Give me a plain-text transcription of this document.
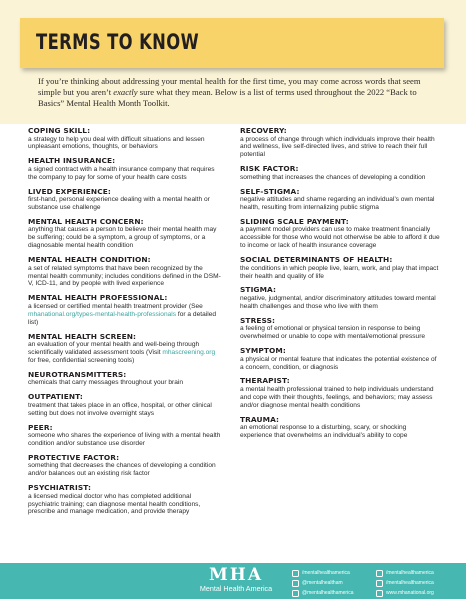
TERMS TO KNOW

If you’re thinking about addressing your mental health for the first time, you may come across words that seem simple but you aren’t exactly sure what they mean. Below is a list of terms used throughout the 2022 “Back to Basics” Mental Health Month Toolkit.

COPING SKILL:
a strategy to help you deal with difficult situations and lessen unpleasant emotions, thoughts, or behaviors
HEALTH INSURANCE:
a signed contract with a health insurance company that requires the company to pay for some of your health care costs
LIVED EXPERIENCE:
first-hand, personal experience dealing with a mental health or substance use challenge
MENTAL HEALTH CONCERN:
anything that causes a person to believe their mental health may be suffering; could be a symptom, a group of symptoms, or a diagnosable mental health condition
MENTAL HEALTH CONDITION:
a set of related symptoms that have been recognized by the mental health community; includes conditions defined in the DSM-V, ICD-11, and by people with lived experience
MENTAL HEALTH PROFESSIONAL:
a licensed or certified mental health treatment provider (See mhanational.org/types-mental-health-professionals for a detailed list)
MENTAL HEALTH SCREEN:
an evaluation of your mental health and well-being through scientifically validated assessment tools (Visit mhascreening.org for free, confidential screening tools)
NEUROTRANSMITTERS:
chemicals that carry messages throughout your brain
OUTPATIENT:
treatment that takes place in an office, hospital, or other clinical setting but does not involve overnight stays
PEER:
someone who shares the experience of living with a mental health condition and/or substance use disorder
PROTECTIVE FACTOR:
something that decreases the chances of developing a condition and/or balances out an existing risk factor
PSYCHIATRIST:
a licensed medical doctor who has completed additional psychiatric training; can diagnose mental health conditions, prescribe and manage medication, and provide therapy
RECOVERY:
a process of change through which individuals improve their health and wellness, live self-directed lives, and strive to reach their full potential
RISK FACTOR:
something that increases the chances of developing a condition
SELF-STIGMA:
negative attitudes and shame regarding an individual’s own mental health, resulting from internalizing public stigma
SLIDING SCALE PAYMENT:
a payment model providers can use to make treatment financially accessible for those who would not otherwise be able to afford it due to income or lack of health insurance coverage
SOCIAL DETERMINANTS OF HEALTH:
the conditions in which people live, learn, work, and play that impact their health and quality of life
STIGMA:
negative, judgmental, and/or discriminatory attitudes toward mental health challenges and those who live with them
STRESS:
a feeling of emotional or physical tension in response to being overwhelmed or unable to cope with mental/emotional pressure
SYMPTOM:
a physical or mental feature that indicates the potential existence of a concern, condition, or diagnosis
THERAPIST:
a mental health professional trained to help individuals understand and cope with their thoughts, feelings, and behaviors; may assess and/or diagnose mental health conditions
TRAUMA:
an emotional response to a disturbing, scary, or shocking experience that overwhelms an individual’s ability to cope
MHA
Mental Health America
/mentalhealthamerica
@mentalhealtham
@mentalhealthamerica
/mentalhealthamerica
/mentalhealthamerica
www.mhanational.org
